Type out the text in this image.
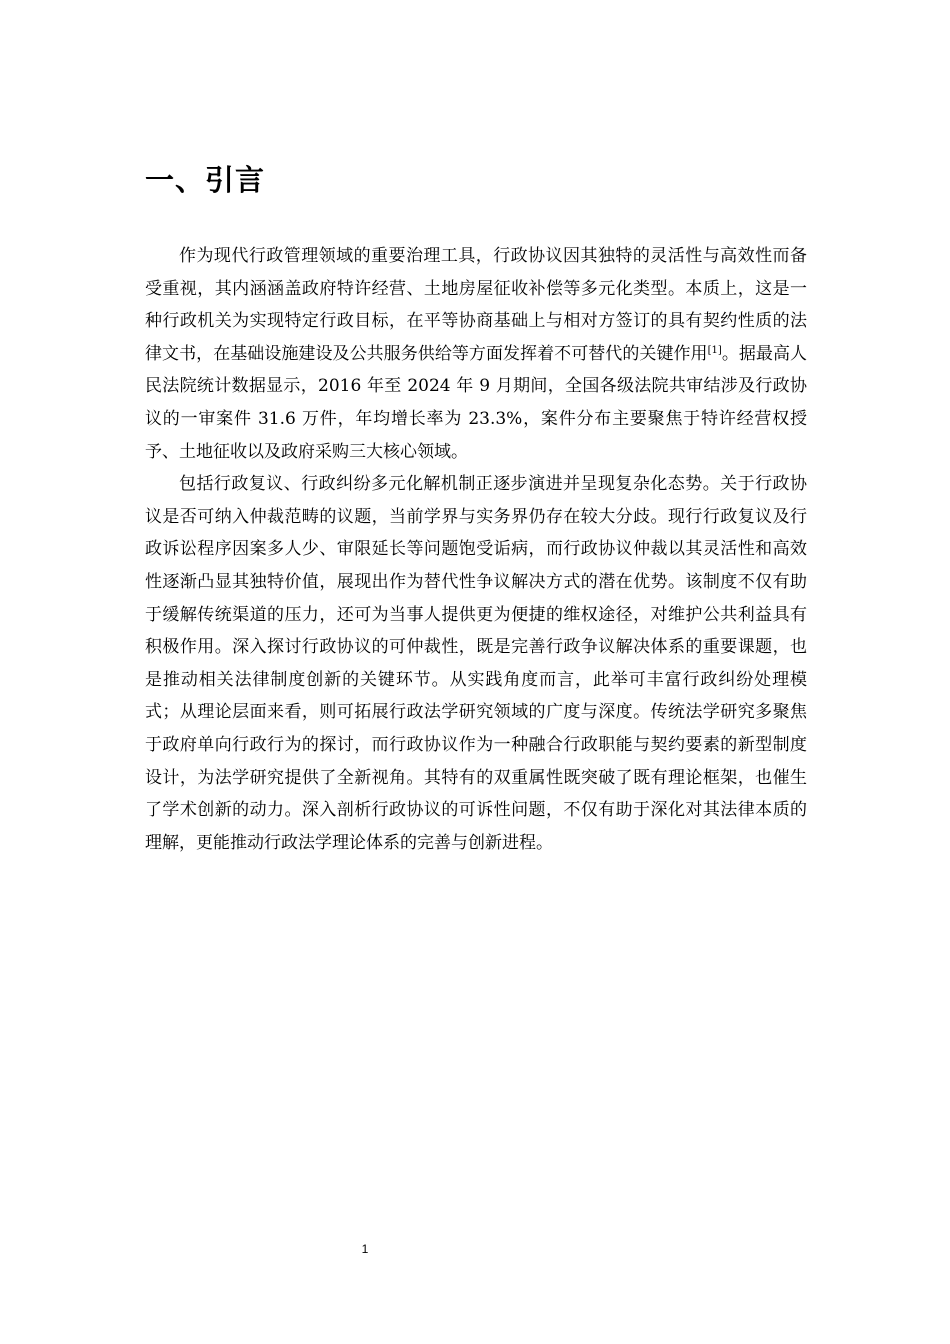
一、引言

作为现代行政管理领域的重要治理工具，行政协议因其独特的灵活性与高效性而备受重视，其内涵涵盖政府特许经营、土地房屋征收补偿等多元化类型。本质上，这是一种行政机关为实现特定行政目标，在平等协商基础上与相对方签订的具有契约性质的法律文书，在基础设施建设及公共服务供给等方面发挥着不可替代的关键作用[1]。据最高人民法院统计数据显示，2016 年至 2024 年 9 月期间，全国各级法院共审结涉及行政协议的一审案件 31.6 万件，年均增长率为 23.3%，案件分布主要聚焦于特许经营权授予、土地征收以及政府采购三大核心领域。

包括行政复议、行政纠纷多元化解机制正逐步演进并呈现复杂化态势。关于行政协议是否可纳入仲裁范畴的议题，当前学界与实务界仍存在较大分歧。现行行政复议及行政诉讼程序因案多人少、审限延长等问题饱受诟病，而行政协议仲裁以其灵活性和高效性逐渐凸显其独特价值，展现出作为替代性争议解决方式的潜在优势。该制度不仅有助于缓解传统渠道的压力，还可为当事人提供更为便捷的维权途径，对维护公共利益具有积极作用。深入探讨行政协议的可仲裁性，既是完善行政争议解决体系的重要课题，也是推动相关法律制度创新的关键环节。从实践角度而言，此举可丰富行政纠纷处理模式；从理论层面来看，则可拓展行政法学研究领域的广度与深度。传统法学研究多聚焦于政府单向行政行为的探讨，而行政协议作为一种融合行政职能与契约要素的新型制度设计，为法学研究提供了全新视角。其特有的双重属性既突破了既有理论框架，也催生了学术创新的动力。深入剖析行政协议的可诉性问题，不仅有助于深化对其法律本质的理解，更能推动行政法学理论体系的完善与创新进程。

1
